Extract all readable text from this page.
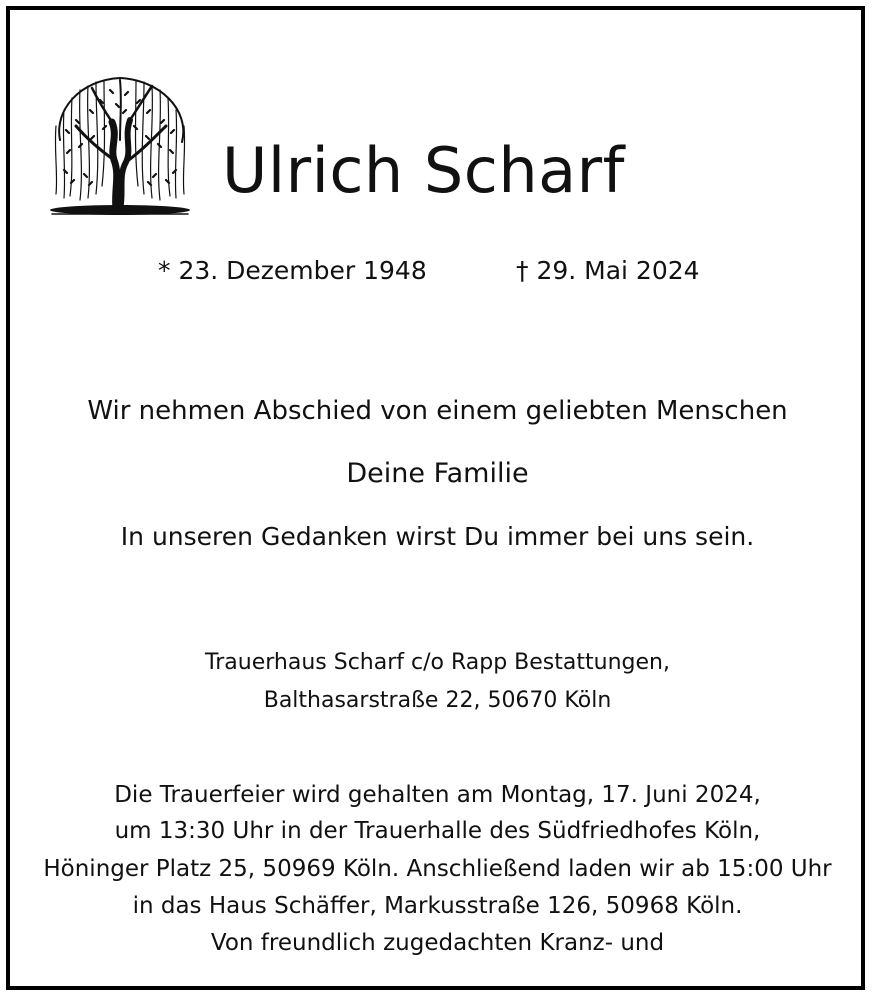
Ulrich Scharf
* 23. Dezember 1948	† 29. Mai 2024
Wir nehmen Abschied von einem geliebten Menschen
Deine Familie
In unseren Gedanken wirst Du immer bei uns sein.
Trauerhaus Scharf c/o Rapp Bestattungen,
Balthasarstraße 22, 50670 Köln
Die Trauerfeier wird gehalten am Montag, 17. Juni 2024,
um 13:30 Uhr in der Trauerhalle des Südfriedhofes Köln,
Höninger Platz 25, 50969 Köln. Anschließend laden wir ab 15:00 Uhr
in das Haus Schäffer, Markusstraße 126, 50968 Köln.
Von freundlich zugedachten Kranz- und
